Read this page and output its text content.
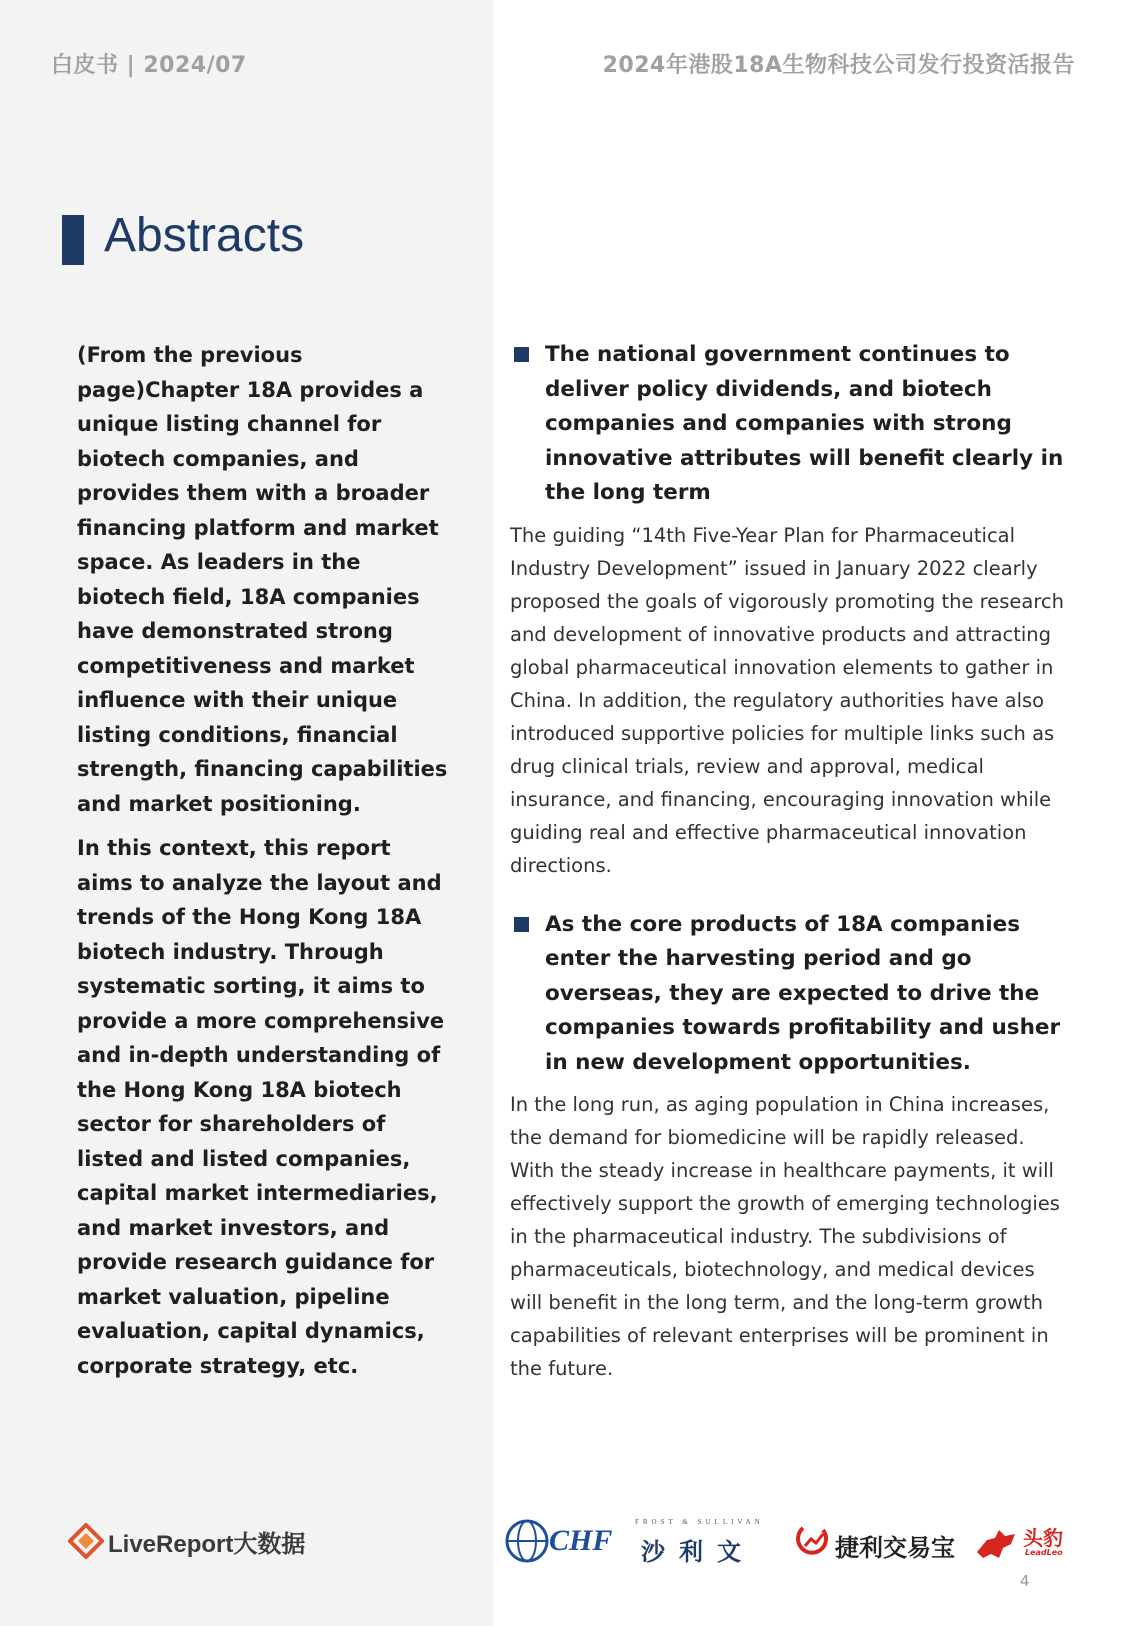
白皮书 | 2024/07	2024年港股18A生物科技公司发行投资活报告
Abstracts

(From the previous page)Chapter 18A provides a unique listing channel for biotech companies, and provides them with a broader financing platform and market space. As leaders in the biotech field, 18A companies have demonstrated strong competitiveness and market influence with their unique listing conditions, financial strength, financing capabilities and market positioning.

In this context, this report aims to analyze the layout and trends of the Hong Kong 18A biotech industry. Through systematic sorting, it aims to provide a more comprehensive and in-depth understanding of the Hong Kong 18A biotech sector for shareholders of listed and listed companies, capital market intermediaries, and market investors, and provide research guidance for market valuation, pipeline evaluation, capital dynamics, corporate strategy, etc.

The national government continues to deliver policy dividends, and biotech companies and companies with strong innovative attributes will benefit clearly in the long term

The guiding “14th Five-Year Plan for Pharmaceutical Industry Development” issued in January 2022 clearly proposed the goals of vigorously promoting the research and development of innovative products and attracting global pharmaceutical innovation elements to gather in China. In addition, the regulatory authorities have also introduced supportive policies for multiple links such as drug clinical trials, review and approval, medical insurance, and financing, encouraging innovation while guiding real and effective pharmaceutical innovation directions.

As the core products of 18A companies enter the harvesting period and go overseas, they are expected to drive the companies towards profitability and usher in new development opportunities.

In the long run, as aging population in China increases, the demand for biomedicine will be rapidly released. With the steady increase in healthcare payments, it will effectively support the growth of emerging technologies in the pharmaceutical industry. The subdivisions of pharmaceuticals, biotechnology, and medical devices will benefit in the long term, and the long-term growth capabilities of relevant enterprises will be prominent in the future.

LiveReport大数据	CHF
FROST & SULLIVAN
沙利文	捷利交易宝	头豹
LeadLeo
4
